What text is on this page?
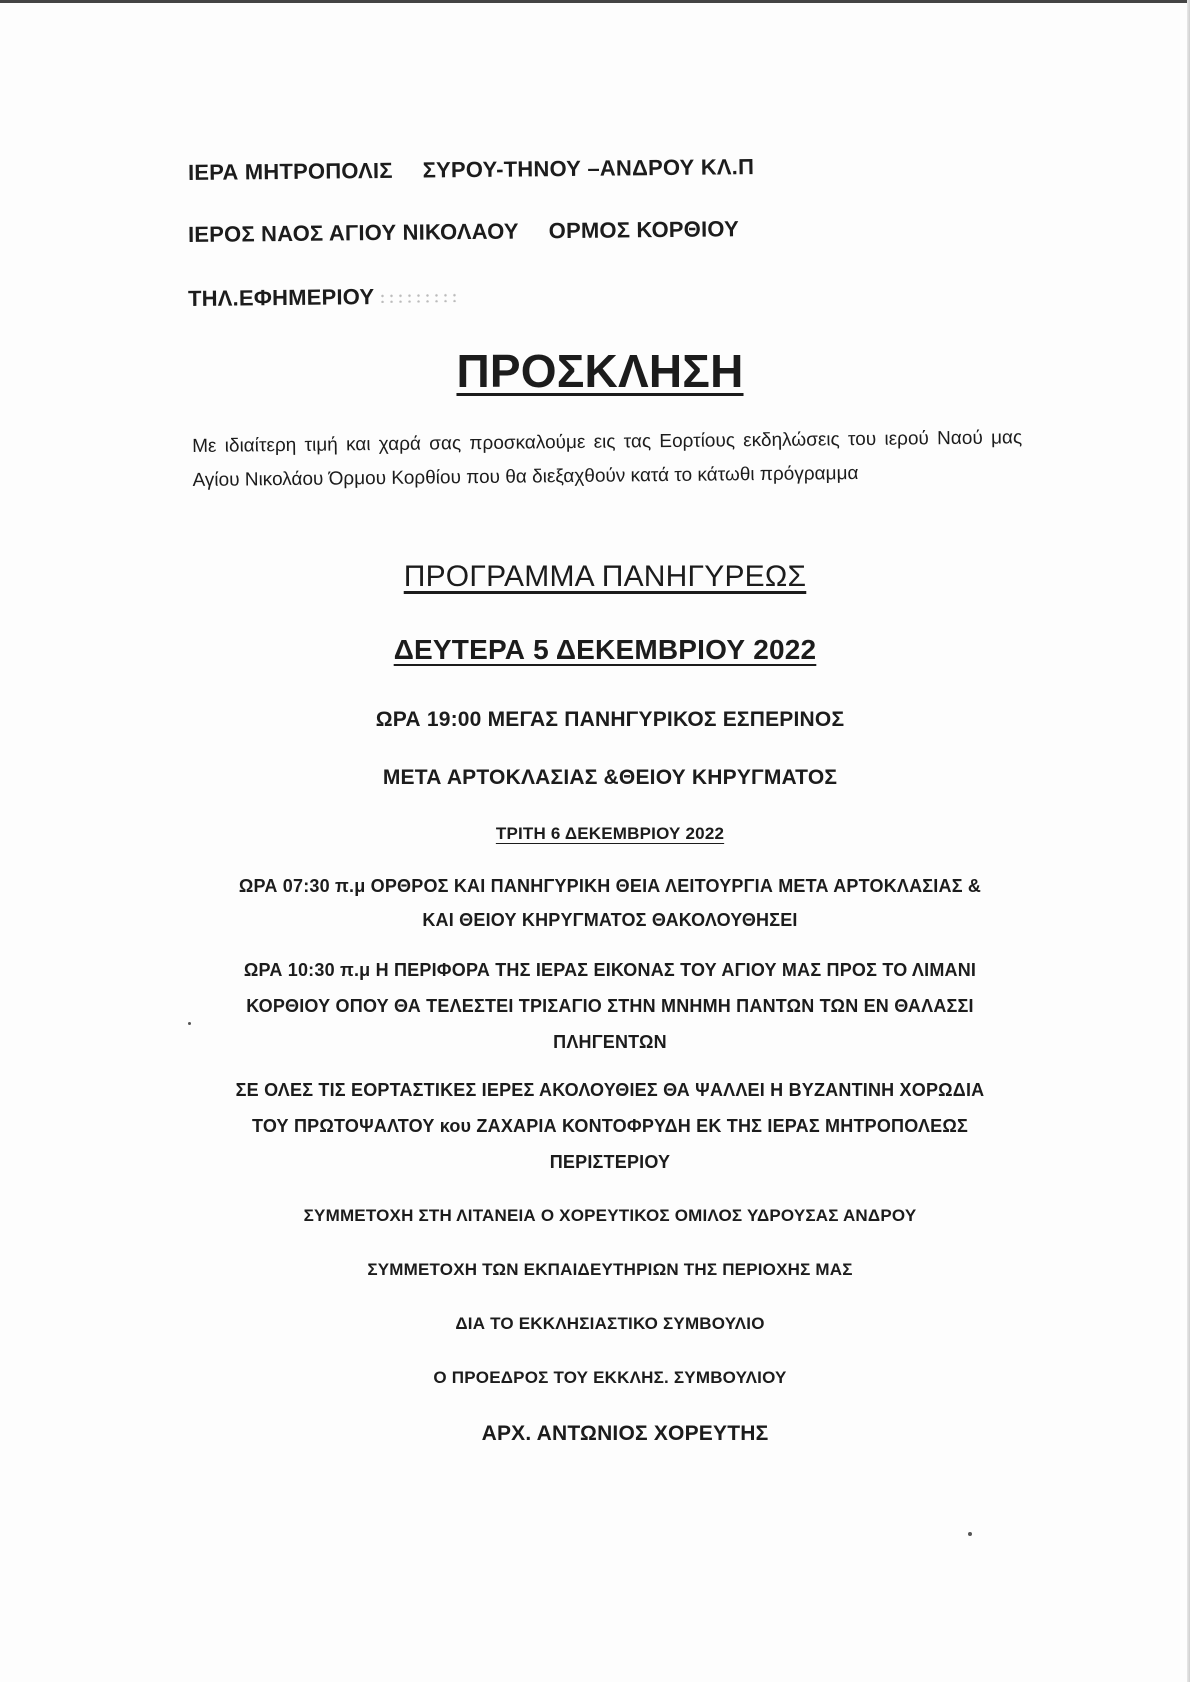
ΙΕΡΑ ΜΗΤΡΟΠΟΛΙΣ ΣΥΡΟΥ-ΤΗΝΟΥ –ΑΝΔΡΟΥ ΚΛ.Π
ΙΕΡΟΣ ΝΑΟΣ ΑΓΙΟΥ ΝΙΚΟΛΑΟΥ ΟΡΜΟΣ ΚΟΡΘΙΟΥ
ΤΗΛ.ΕΦΗΜΕΡΙΟΥ
ΠΡΟΣΚΛΗΣΗ
Με ιδιαίτερη τιμή και χαρά σας προσκαλούμε εις τας Εορτίους εκδηλώσεις του ιερού Ναού μας Αγίου Νικολάου Όρμου Κορθίου που θα διεξαχθούν κατά το κάτωθι πρόγραμμα
ΠΡΟΓΡΑΜΜΑ ΠΑΝΗΓΥΡΕΩΣ
ΔΕΥΤΕΡΑ 5 ΔΕΚΕΜΒΡΙΟΥ 2022
ΩΡΑ 19:00 ΜΕΓΑΣ ΠΑΝΗΓΥΡΙΚΟΣ ΕΣΠΕΡΙΝΟΣ
ΜΕΤΑ ΑΡΤΟΚΛΑΣΙΑΣ &ΘΕΙΟΥ ΚΗΡΥΓΜΑΤΟΣ
ΤΡΙΤΗ 6 ΔΕΚΕΜΒΡΙΟΥ 2022
ΩΡΑ 07:30 π.μ ΟΡΘΡΟΣ ΚΑΙ ΠΑΝΗΓΥΡΙΚΗ ΘΕΙΑ ΛΕΙΤΟΥΡΓΙΑ ΜΕΤΑ ΑΡΤΟΚΛΑΣΙΑΣ &
ΚΑΙ ΘΕΙΟΥ ΚΗΡΥΓΜΑΤΟΣ ΘΑΚΟΛΟΥΘΗΣΕΙ
ΩΡΑ 10:30 π.μ Η ΠΕΡΙΦΟΡΑ ΤΗΣ ΙΕΡΑΣ ΕΙΚΟΝΑΣ ΤΟΥ ΑΓΙΟΥ ΜΑΣ ΠΡΟΣ ΤΟ ΛΙΜΑΝΙ
ΚΟΡΘΙΟΥ ΟΠΟΥ ΘΑ ΤΕΛΕΣΤΕΙ ΤΡΙΣΑΓΙΟ ΣΤΗΝ ΜΝΗΜΗ ΠΑΝΤΩΝ ΤΩΝ ΕΝ ΘΑΛΑΣΣΙ
ΠΛΗΓΕΝΤΩΝ
ΣΕ ΟΛΕΣ ΤΙΣ ΕΟΡΤΑΣΤΙΚΕΣ ΙΕΡΕΣ ΑΚΟΛΟΥΘΙΕΣ ΘΑ ΨΑΛΛΕΙ Η ΒΥΖΑΝΤΙΝΗ ΧΟΡΩΔΙΑ
ΤΟΥ ΠΡΩΤΟΨΑΛΤΟΥ κου ΖΑΧΑΡΙΑ ΚΟΝΤΟΦΡΥΔΗ ΕΚ ΤΗΣ ΙΕΡΑΣ ΜΗΤΡΟΠΟΛΕΩΣ
ΠΕΡΙΣΤΕΡΙΟΥ
ΣΥΜΜΕΤΟΧΗ ΣΤΗ ΛΙΤΑΝΕΙΑ Ο ΧΟΡΕΥΤΙΚΟΣ ΟΜΙΛΟΣ ΥΔΡΟΥΣΑΣ ΑΝΔΡΟΥ
ΣΥΜΜΕΤΟΧΗ ΤΩΝ ΕΚΠΑΙΔΕΥΤΗΡΙΩΝ ΤΗΣ ΠΕΡΙΟΧΗΣ ΜΑΣ
ΔΙΑ ΤΟ ΕΚΚΛΗΣΙΑΣΤΙΚΟ ΣΥΜΒΟΥΛΙΟ
Ο ΠΡΟΕΔΡΟΣ ΤΟΥ ΕΚΚΛΗΣ. ΣΥΜΒΟΥΛΙΟΥ
ΑΡΧ. ΑΝΤΩΝΙΟΣ ΧΟΡΕΥΤΗΣ
